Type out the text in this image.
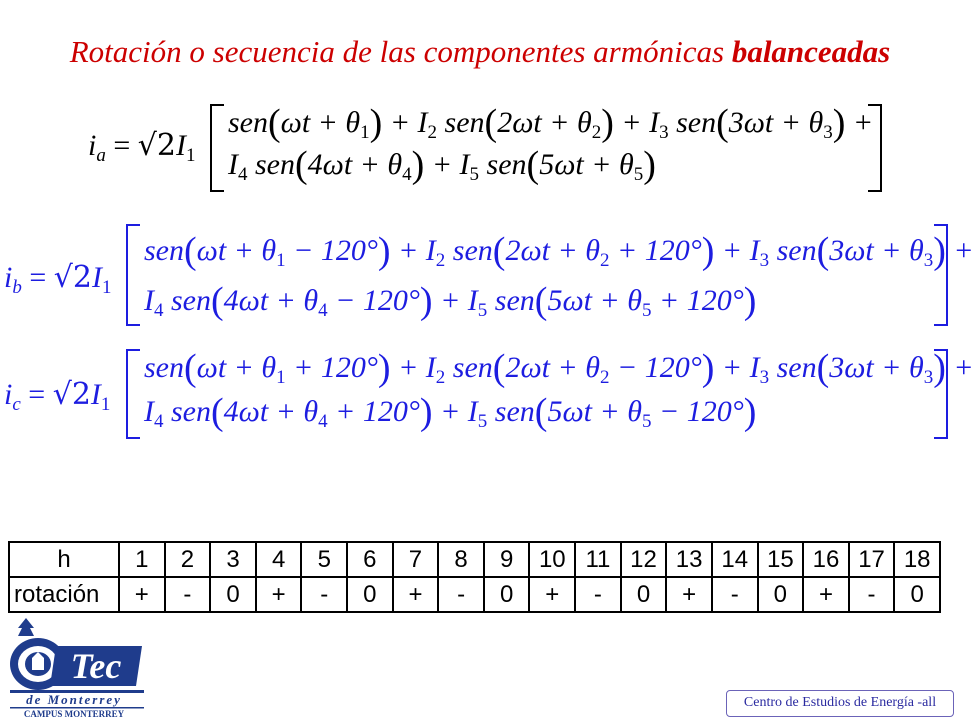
Rotación o secuencia de las componentes armónicas balanceadas
$i_a = √2I_1$
$sen(\omega t + \theta_1) + I_2$ $sen(2\omega t + \theta_2) + I_3$ $sen(3\omega t + \theta_3)$ +
$I_4$ $sen(4\omega t + \theta_4) + I_5$ $sen(5\omega t + \theta_5)$
$i_b = √2I_1$
$sen(\omega t + \theta_1 - 120^\circ) + I_2$ $sen(2\omega t + \theta_2 + 120^\circ) + I_3$ $sen(3\omega t + \theta_3)$ +
$I_4$ $sen(4\omega t + \theta_4 - 120^\circ) + I_5$ $sen(5\omega t + \theta_5 + 120^\circ)$
$i_c = √2I_1$
$sen(\omega t + \theta_1 + 120^\circ) + I_2$ $sen(2\omega t + \theta_2 - 120^\circ) + I_3$ $sen(3\omega t + \theta_3)$ +
$I_4$ $sen(4\omega t + \theta_4 + 120^\circ) + I_5$ $sen(5\omega t + \theta_5 - 120^\circ)$
h	1	2	3	4	5	6	7	8	9	10	11	12	13	14	15	16	17	18
rotación	+	-	0	+	-	0	+	-	0	+	-	0	+	-	0	+	-	0
Tec
de Monterrey
CAMPUS MONTERREY
Centro de Estudios de Energía -all
